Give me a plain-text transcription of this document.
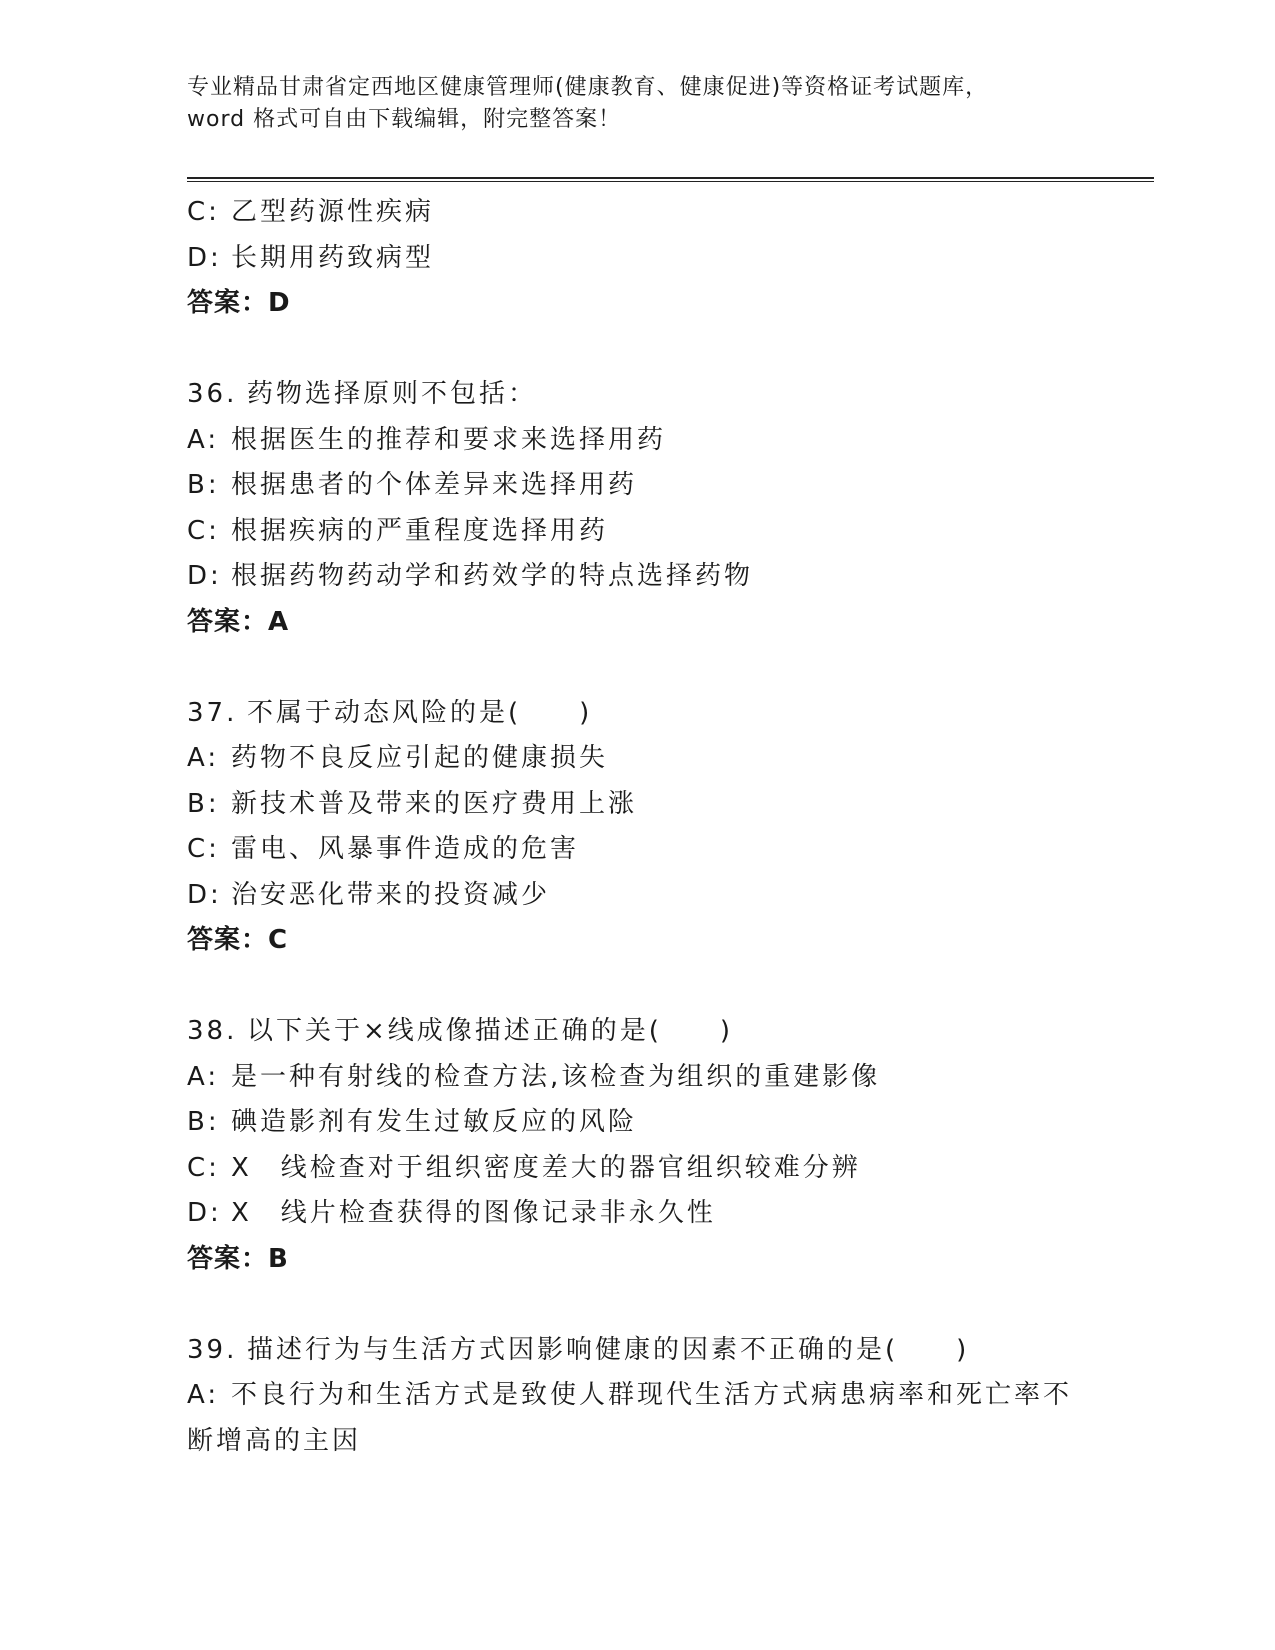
专业精品甘肃省定西地区健康管理师(健康教育、健康促进)等资格证考试题库，
word 格式可自由下载编辑，附完整答案！
C: 乙型药源性疾病
D: 长期用药致病型
答案：D
36. 药物选择原则不包括：
A: 根据医生的推荐和要求来选择用药
B: 根据患者的个体差异来选择用药
C: 根据疾病的严重程度选择用药
D: 根据药物药动学和药效学的特点选择药物
答案：A
37. 不属于动态风险的是(　　)
A: 药物不良反应引起的健康损失
B: 新技术普及带来的医疗费用上涨
C: 雷电、风暴事件造成的危害
D: 治安恶化带来的投资减少
答案：C
38. 以下关于×线成像描述正确的是(　　)
A: 是一种有射线的检查方法,该检查为组织的重建影像
B: 碘造影剂有发生过敏反应的风险
C: X　线检查对于组织密度差大的器官组织较难分辨
D: X　线片检查获得的图像记录非永久性
答案：B
39. 描述行为与生活方式因影响健康的因素不正确的是(　　)
A: 不良行为和生活方式是致使人群现代生活方式病患病率和死亡率不
断增高的主因
